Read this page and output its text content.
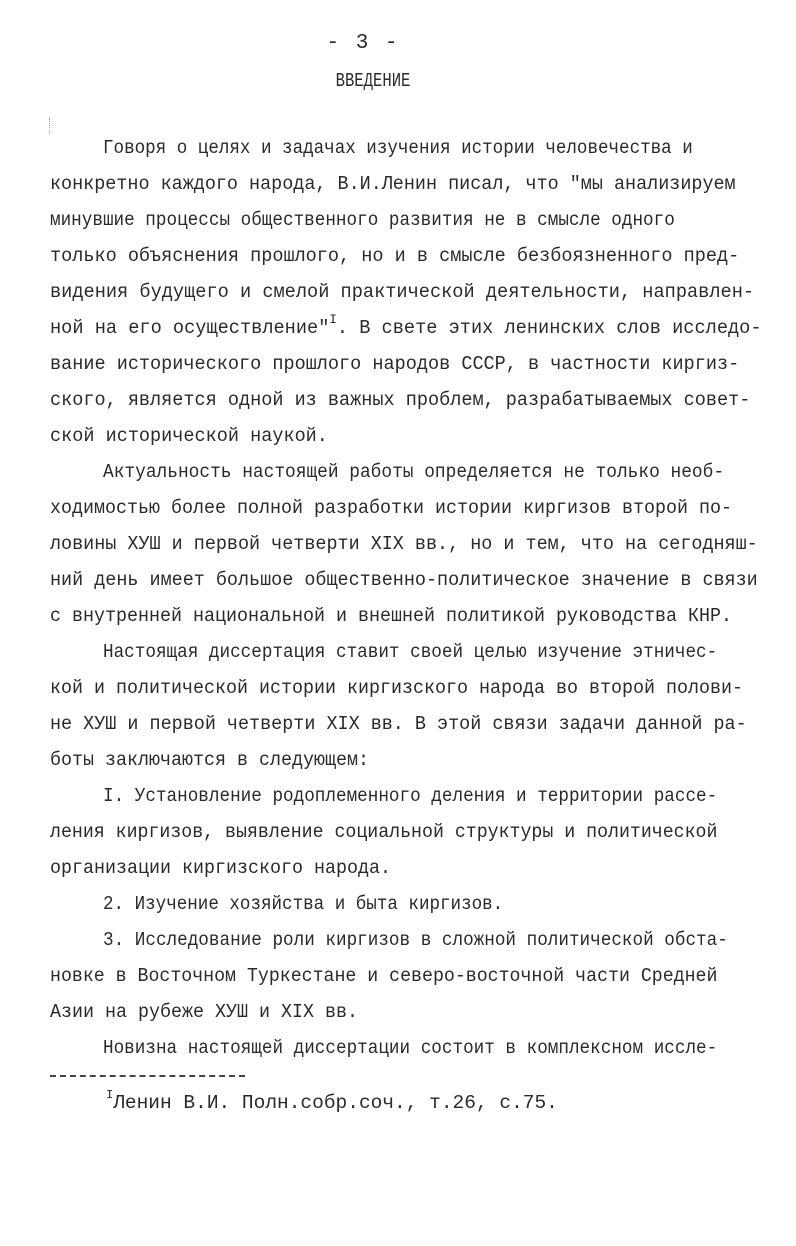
- 3 -
ВВЕДЕНИЕ
Говоря о целях и задачах изучения истории человечества и
конкретно каждого народа, В.И.Ленин писал, что "мы анализируем
минувшие процессы общественного развития не в смысле одного
только объяснения прошлого, но и в смысле безбоязненного пред-
видения будущего и смелой практической деятельности, направлен-
ной на его осуществление"$^I$. В свете этих ленинских слов исследо-
вание исторического прошлого народов СССР, в частности киргиз-
ского, является одной из важных проблем, разрабатываемых совет-
ской исторической наукой.
Актуальность настоящей работы определяется не только необ-
ходимостью более полной разработки истории киргизов второй по-
ловины ХУШ и первой четверти XIX вв., но и тем, что на сегодняш-
ний день имеет большое общественно-политическое значение в связи
с внутренней национальной и внешней политикой руководства КНР.
Настоящая диссертация ставит своей целью изучение этничес-
кой и политической истории киргизского народа во второй полови-
не ХУШ и первой четверти XIX вв. В этой связи задачи данной ра-
боты заключаются в следующем:
I. Установление родоплеменного деления и территории рассе-
ления киргизов, выявление социальной структуры и политической
организации киргизского народа.
2. Изучение хозяйства и быта киргизов.
3. Исследование роли киргизов в сложной политической обста-
новке в Восточном Туркестане и северо-восточной части Средней
Азии на рубеже ХУШ и XIX вв.
Новизна настоящей диссертации состоит в комплексном иссле-
$^I$Ленин В.И. Полн.собр.соч., т.26, с.75.
